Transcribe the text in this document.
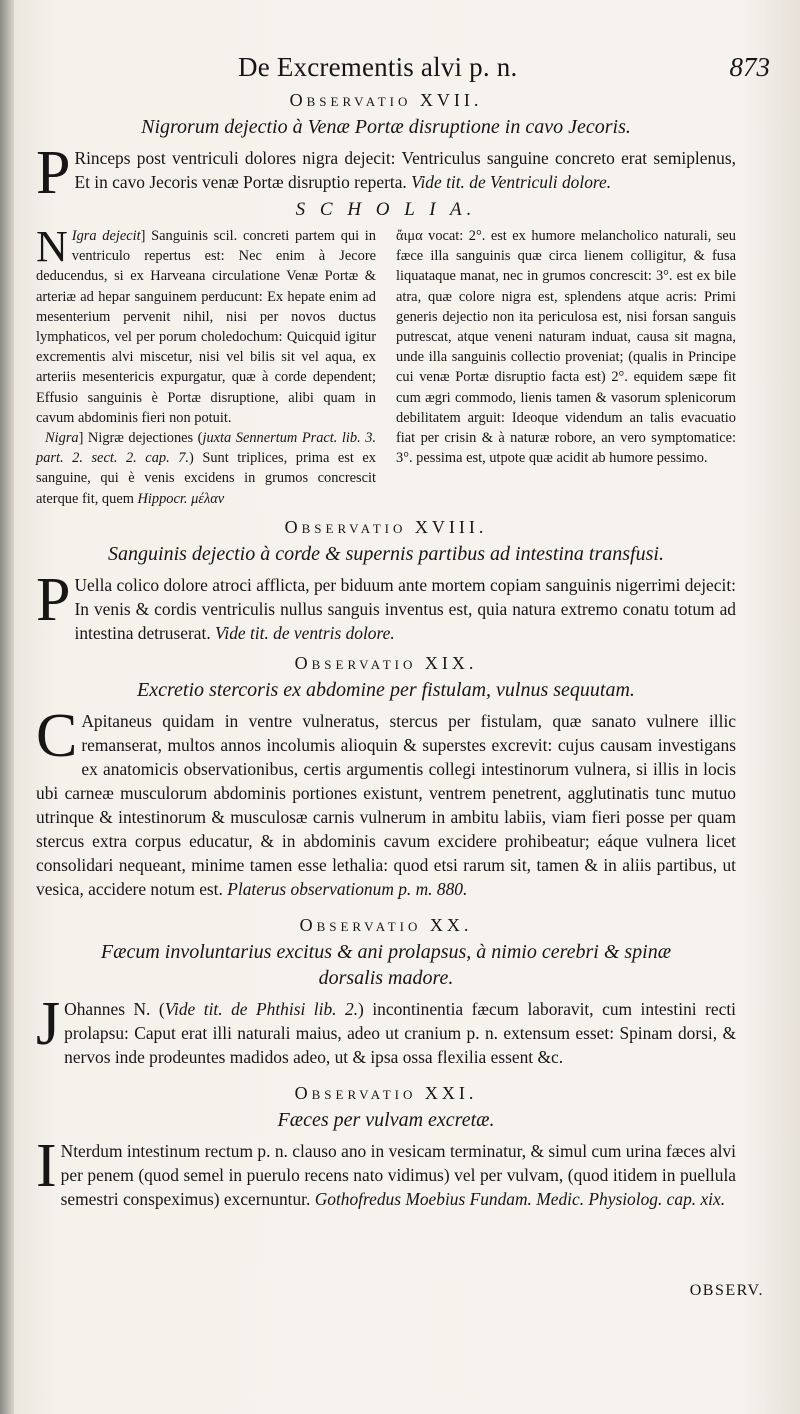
De Excrementis alvi p. n.	873

Observatio XVII.

Nigrorum dejectio à Venæ Portæ disruptione in cavo Jecoris.

P Rinceps post ventriculi dolores nigra dejecit: Ventriculus sanguine concreto erat semiplenus, Et in cavo Jecoris venæ Portæ disruptio reperta. Vide tit. de Ventriculi dolore.

S C H O L I A.

N Igra dejecit] Sanguinis scil. concreti partem qui in ventriculo repertus est: Nec enim à Jecore deducendus, si ex Harveana circulatione Venæ Portæ & arteriæ ad hepar sanguinem perducunt: Ex hepate enim ad mesenterium pervenit nihil, nisi per novos ductus lymphaticos, vel per porum choledochum: Quicquid igitur excrementis alvi miscetur, nisi vel bilis sit vel aqua, ex arteriis mesentericis expurgatur, quæ à corde dependent; Effusio sanguinis è Portæ disruptione, alibi quam in cavum abdominis fieri non potuit.
Nigra] Nigræ dejectiones (juxta Sennertum Pract. lib. 3. part. 2. sect. 2. cap. 7.) Sunt triplices, prima est ex sanguine, qui è venis excidens in grumos concrescit aterque fit, quem Hippocr. μέλαν
ἄιμα vocat: 2°. est ex humore melancholico naturali, seu fæce illa sanguinis quæ circa lienem colligitur, & fusa liquataque manat, nec in grumos concrescit: 3°. est ex bile atra, quæ colore nigra est, splendens atque acris: Primi generis dejectio non ita periculosa est, nisi forsan sanguis putrescat, atque veneni naturam induat, causa sit magna, unde illa sanguinis collectio proveniat; (qualis in Principe cui venæ Portæ disruptio facta est) 2°. equidem sæpe fit cum ægri commodo, lienis tamen & vasorum splenicorum debilitatem arguit: Ideoque videndum an talis evacuatio fiat per crisin & à naturæ robore, an vero symptomatice: 3°. pessima est, utpote quæ acidit ab humore pessimo.

Observatio XVIII.

Sanguinis dejectio à corde & supernis partibus ad intestina transfusi.

P Uella colico dolore atroci afflicta, per biduum ante mortem copiam sanguinis nigerrimi dejecit: In venis & cordis ventriculis nullus sanguis inventus est, quia natura extremo conatu totum ad intestina detruserat. Vide tit. de ventris dolore.

Observatio XIX.

Excretio stercoris ex abdomine per fistulam, vulnus sequutam.

C Apitaneus quidam in ventre vulneratus, stercus per fistulam, quæ sanato vulnere illic remanserat, multos annos incolumis alioquin & superstes excrevit: cujus causam investigans ex anatomicis observationibus, certis argumentis collegi intestinorum vulnera, si illis in locis ubi carneæ musculorum abdominis portiones existunt, ventrem penetrent, agglutinatis tunc mutuo utrinque & intestinorum & musculosæ carnis vulnerum in ambitu labiis, viam fieri posse per quam stercus extra corpus educatur, & in abdominis cavum excidere prohibeatur; eáque vulnera licet consolidari nequeant, minime tamen esse lethalia: quod etsi rarum sit, tamen & in aliis partibus, ut vesica, accidere notum est. Platerus observationum p. m. 880.

Observatio XX.

Fæcum involuntarius excitus & ani prolapsus, à nimio cerebri & spinæ dorsalis madore.

J Ohannes N. (Vide tit. de Phthisi lib. 2.) incontinentia fæcum laboravit, cum intestini recti prolapsu: Caput erat illi naturali maius, adeo ut cranium p. n. extensum esset: Spinam dorsi, & nervos inde prodeuntes madidos adeo, ut & ipsa ossa flexilia essent &c.

Observatio XXI.

Fæces per vulvam excretæ.

I Nterdum intestinum rectum p. n. clauso ano in vesicam terminatur, & simul cum urina fæces alvi per penem (quod semel in puerulo recens nato vidimus) vel per vulvam, (quod itidem in puellula semestri conspeximus) excernuntur. Gothofredus Moebius Fundam. Medic. Physiolog. cap. xix.

OBSERV.
